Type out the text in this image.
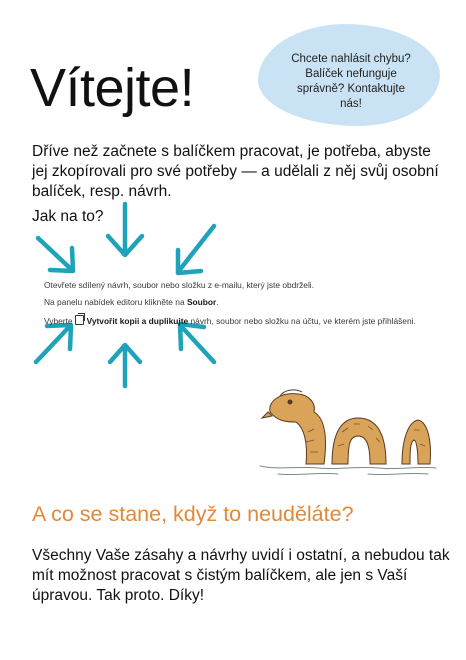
Chcete nahlásit chybu? Balíček nefunguje správně? Kontaktujte nás!
Vítejte!

Dříve než začnete s balíčkem pracovat, je potřeba, abyste jej zkopírovali pro své potřeby — a udělali z něj svůj osobní balíček, resp. návrh.

Jak na to?

Otevřete sdílený návrh, soubor nebo složku z e-mailu, který jste obdrželi.
Na panelu nabídek editoru klikněte na Soubor.
Vyberte Vytvořit kopii a duplikujte návrh, soubor nebo složku na účtu, ve kterém jste přihlášeni.
A co se stane, když to neuděláte?

Všechny Vaše zásahy a návrhy uvidí i ostatní, a nebudou tak mít možnost pracovat s čistým balíčkem, ale jen s Vaší úpravou. Tak proto. Díky!
